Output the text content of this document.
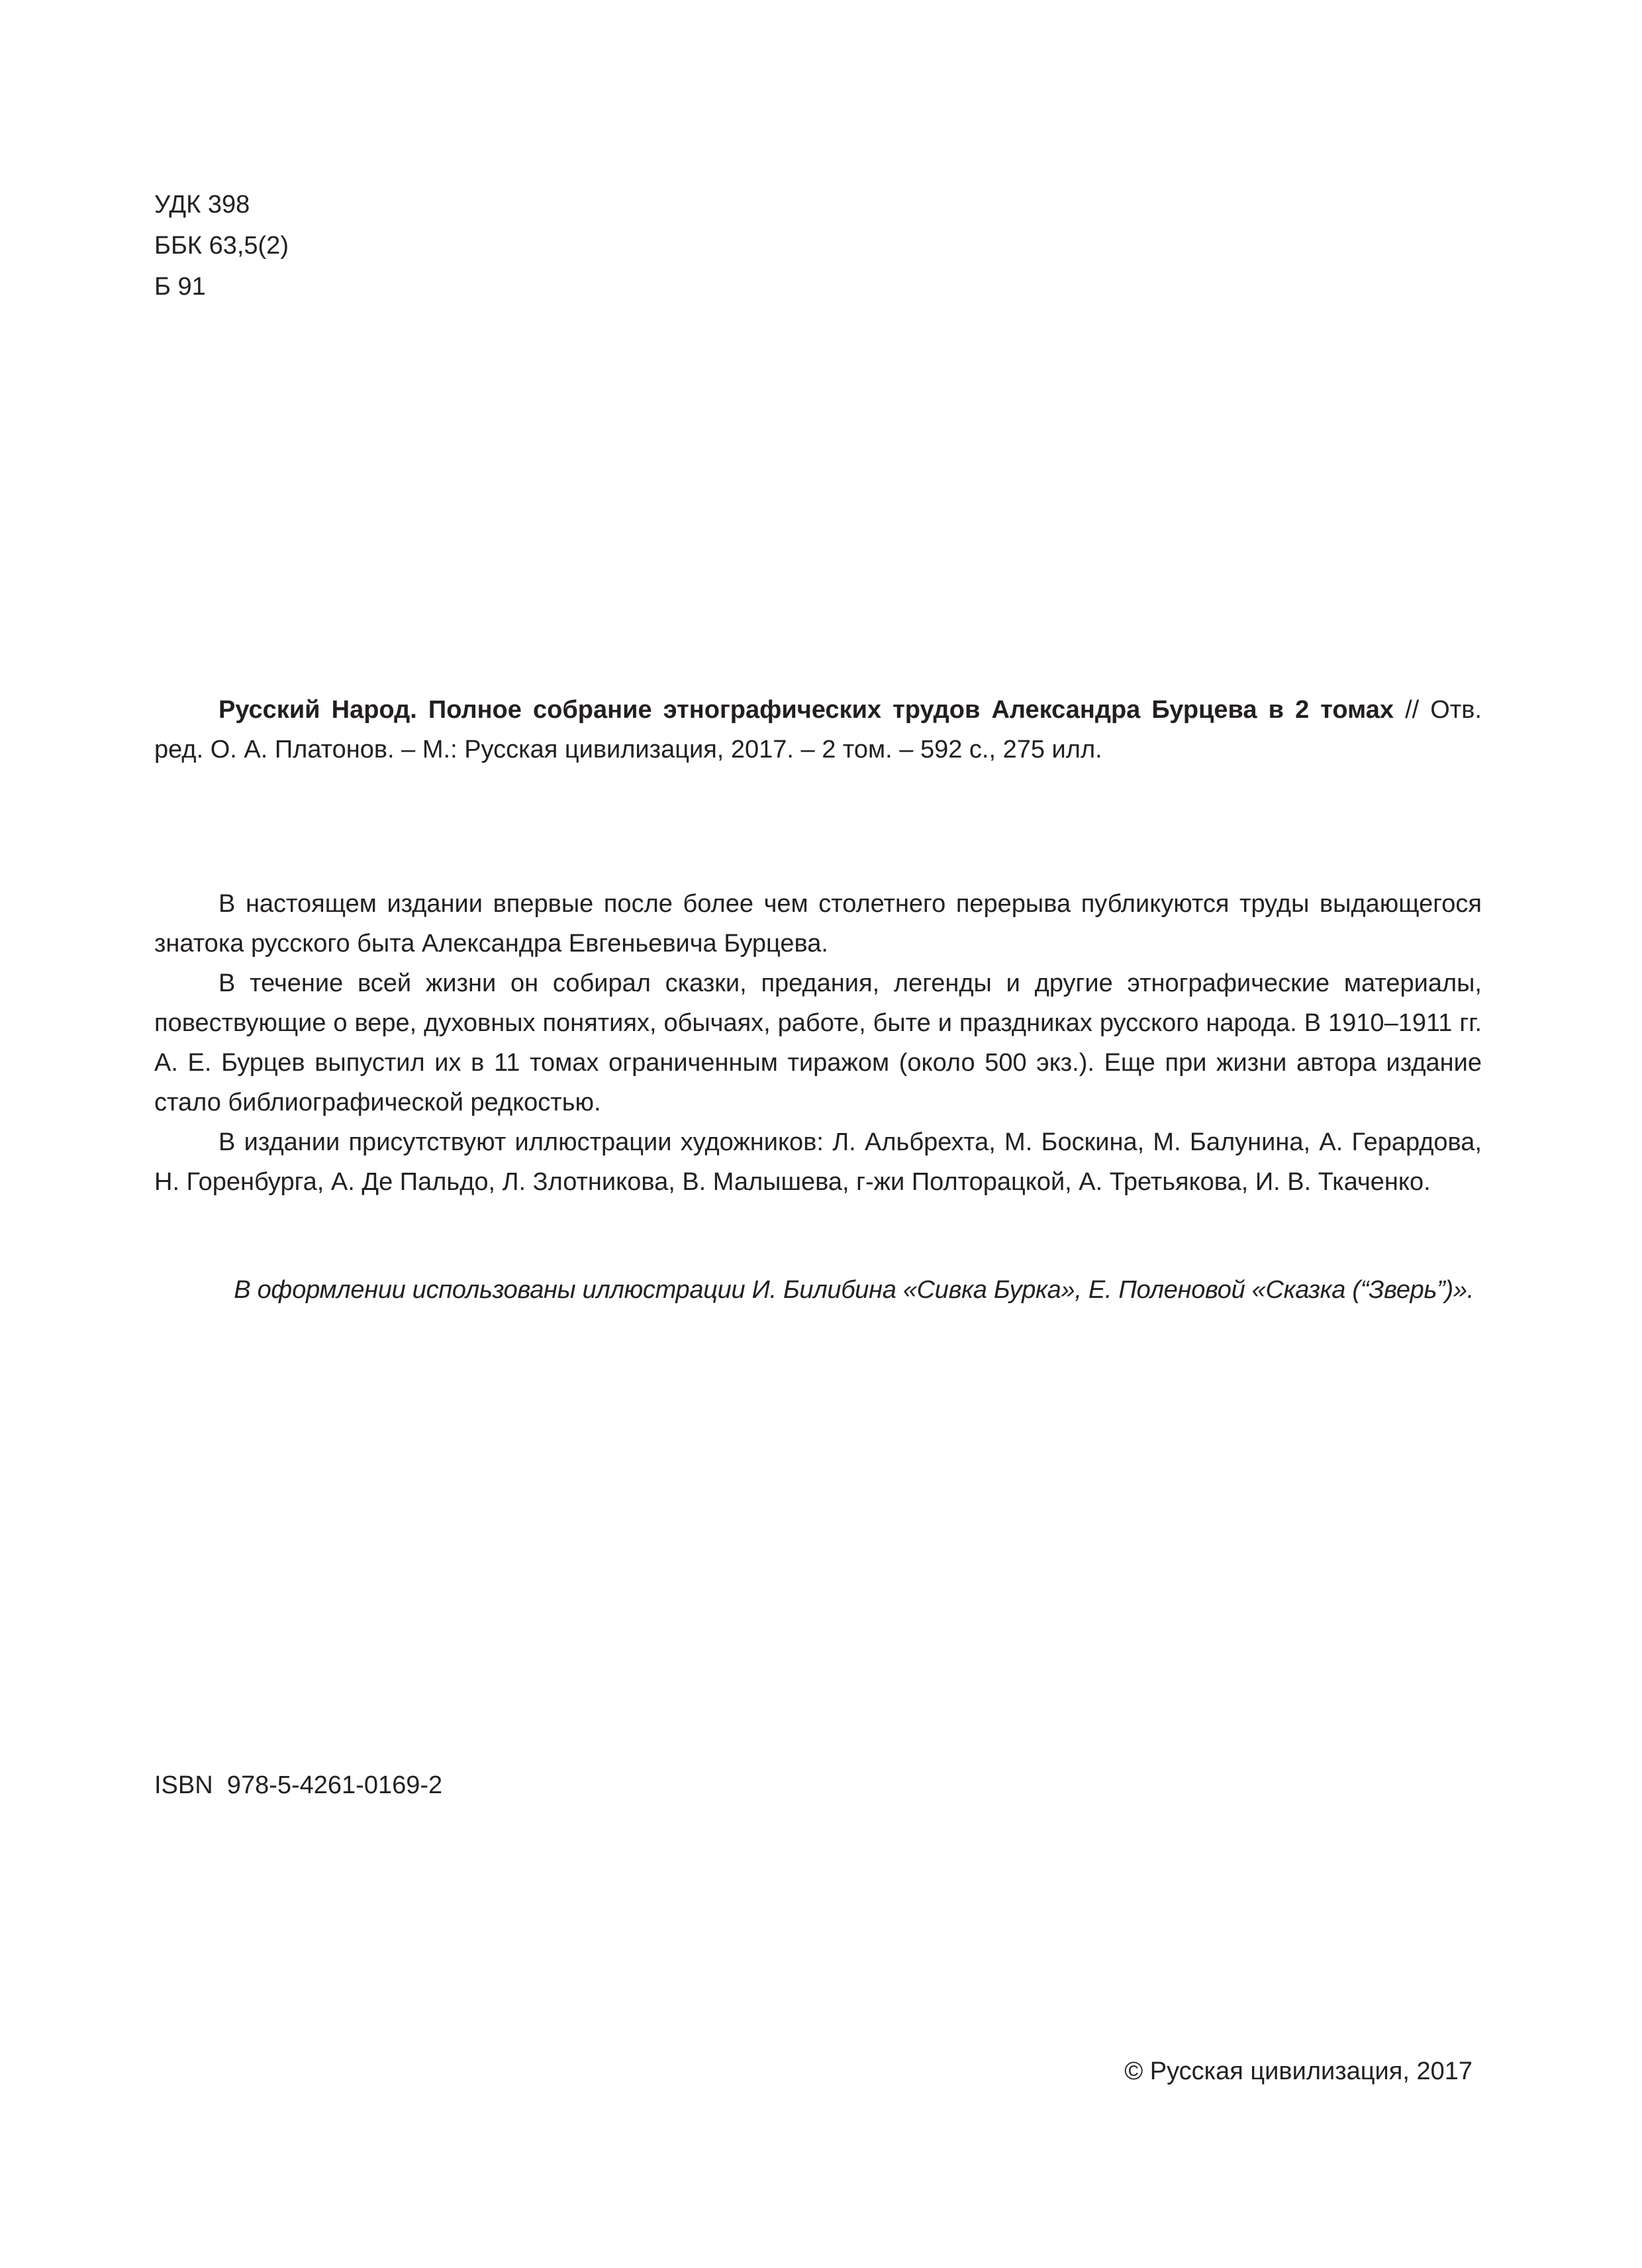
УДК 398
ББК 63,5(2)
Б 91

Русский Народ. Полное собрание этнографических трудов Александра Бурцева в 2 томах // Отв. ред. О. А. Платонов. – М.: Русская цивилизация, 2017. – 2 том. – 592 с., 275 илл.

В настоящем издании впервые после более чем столетнего перерыва публикуются труды выдающегося знатока русского быта Александра Евгеньевича Бурцева.

В течение всей жизни он собирал сказки, предания, легенды и другие этнографические материалы, повествующие о вере, духовных понятиях, обычаях, работе, быте и праздниках русского народа. В 1910–1911 гг. А. Е. Бурцев выпустил их в 11 томах ограниченным тиражом (около 500 экз.). Еще при жизни автора издание стало библиографической редкостью.

В издании присутствуют иллюстрации художников: Л. Альбрехта, М. Боскина, М. Балунина, А. Герардова, Н. Горенбурга, А. Де Пальдо, Л. Злотникова, В. Малышева, г-жи Полторацкой, А. Третьякова, И. В. Ткаченко.

В оформлении использованы иллюстрации И. Билибина «Сивка Бурка», Е. Поленовой «Сказка (“Зверь”)».
ISBN  978-5-4261-0169-2
© Русская цивилизация, 2017
